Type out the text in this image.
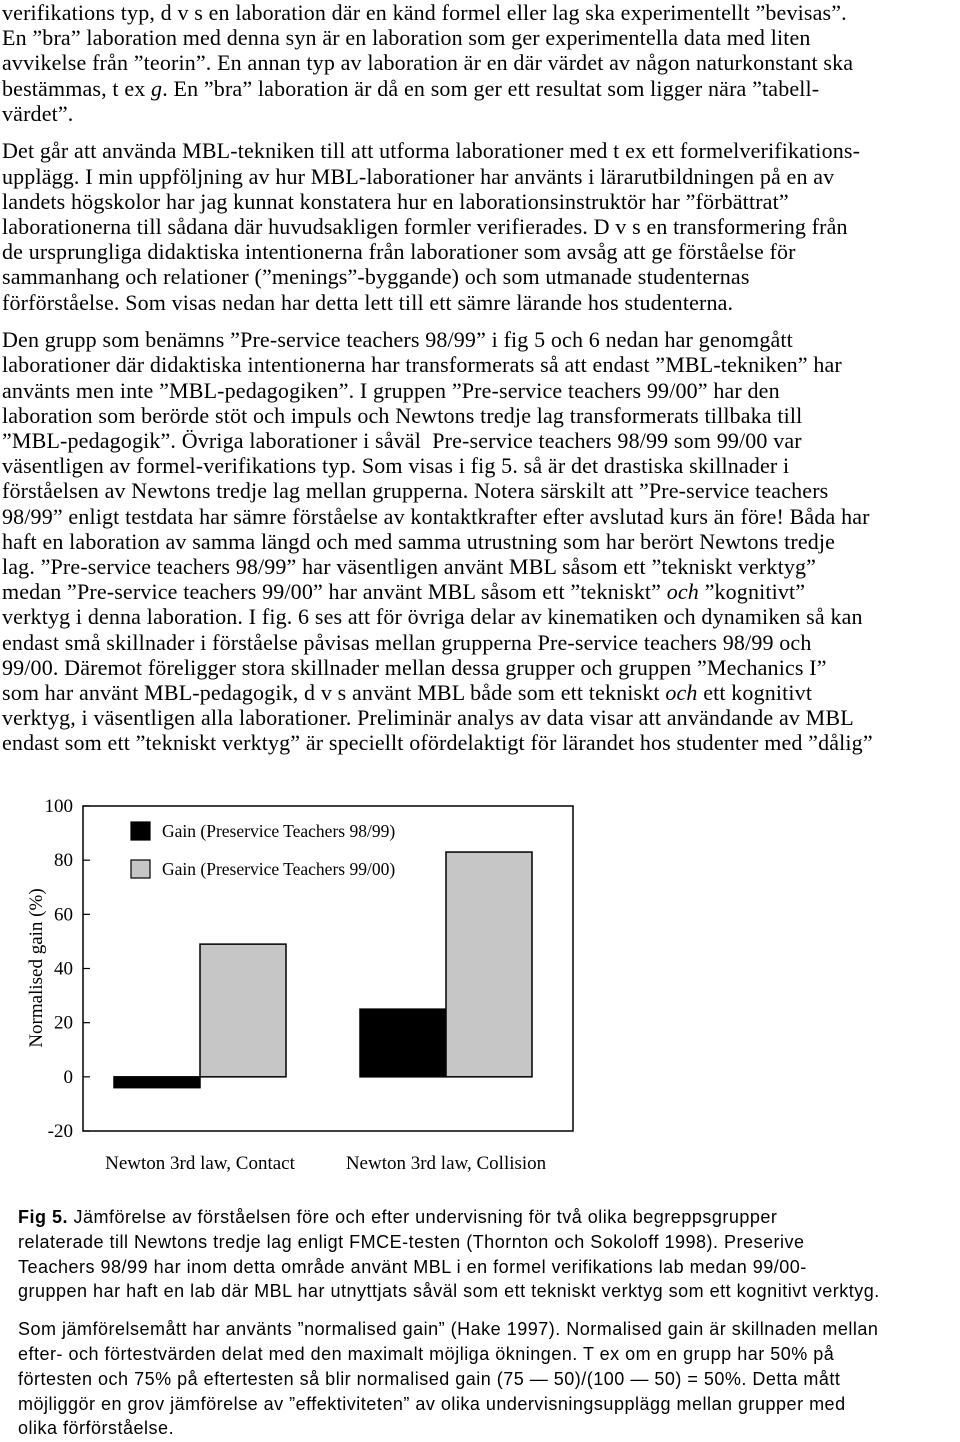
verifikations typ, d v s en laboration där en känd formel eller lag ska experimentellt ”bevisas”.
En ”bra” laboration med denna syn är en laboration som ger experimentella data med liten
avvikelse från ”teorin”. En annan typ av laboration är en där värdet av någon naturkonstant ska
bestämmas, t ex g. En ”bra” laboration är då en som ger ett resultat som ligger nära ”tabell-
värdet”.
Det går att använda MBL-tekniken till att utforma laborationer med t ex ett formelverifikations-
upplägg. I min uppföljning av hur MBL-laborationer har använts i lärarutbildningen på en av
landets högskolor har jag kunnat konstatera hur en laborationsinstruktör har ”förbättrat”
laborationerna till sådana där huvudsakligen formler verifierades. D v s en transformering från
de ursprungliga didaktiska intentionerna från laborationer som avsåg att ge förståelse för
sammanhang och relationer (”menings”-byggande) och som utmanade studenternas
förförståelse. Som visas nedan har detta lett till ett sämre lärande hos studenterna.
Den grupp som benämns ”Pre-service teachers 98/99” i fig 5 och 6 nedan har genomgått
laborationer där didaktiska intentionerna har transformerats så att endast ”MBL-tekniken” har
använts men inte ”MBL-pedagogiken”. I gruppen ”Pre-service teachers 99/00” har den
laboration som berörde stöt och impuls och Newtons tredje lag transformerats tillbaka till
”MBL-pedagogik”. Övriga laborationer i såväl  Pre-service teachers 98/99 som 99/00 var
väsentligen av formel-verifikations typ. Som visas i fig 5. så är det drastiska skillnader i
förståelsen av Newtons tredje lag mellan grupperna. Notera särskilt att ”Pre-service teachers
98/99” enligt testdata har sämre förståelse av kontaktkrafter efter avslutad kurs än före! Båda har
haft en laboration av samma längd och med samma utrustning som har berört Newtons tredje
lag. ”Pre-service teachers 98/99” har väsentligen använt MBL såsom ett ”tekniskt verktyg”
medan ”Pre-service teachers 99/00” har använt MBL såsom ett ”tekniskt” och ”kognitivt”
verktyg i denna laboration. I fig. 6 ses att för övriga delar av kinematiken och dynamiken så kan
endast små skillnader i förståelse påvisas mellan grupperna Pre-service teachers 98/99 och
99/00. Däremot föreligger stora skillnader mellan dessa grupper och gruppen ”Mechanics I”
som har använt MBL-pedagogik, d v s använt MBL både som ett tekniskt och ett kognitivt
verktyg, i väsentligen alla laborationer. Preliminär analys av data visar att användande av MBL
endast som ett ”tekniskt verktyg” är speciellt ofördelaktigt för lärandet hos studenter med ”dålig”
Newton 3rd law, Contact	Newton 3rd law, Collision
100
80
60
40
20
0
-20
Normalised gain (%)
Gain (Preservice Teachers 98/99)
Gain (Preservice Teachers 99/00)
Fig 5. Jämförelse av förståelsen före och efter undervisning för två olika begreppsgrupper
relaterade till Newtons tredje lag enligt FMCE-testen (Thornton och Sokoloff 1998). Preserive
Teachers 98/99 har inom detta område använt MBL i en formel verifikations lab medan 99/00-
gruppen har haft en lab där MBL har utnyttjats såväl som ett tekniskt verktyg som ett kognitivt verktyg.
Som jämförelsemått har använts ”normalised gain” (Hake 1997). Normalised gain är skillnaden mellan
efter- och förtestvärden delat med den maximalt möjliga ökningen. T ex om en grupp har 50% på
förtesten och 75% på eftertesten så blir normalised gain (75 — 50)/(100 — 50) = 50%. Detta mått
möjliggör en grov jämförelse av ”effektiviteten” av olika undervisningsupplägg mellan grupper med
olika förförståelse.
